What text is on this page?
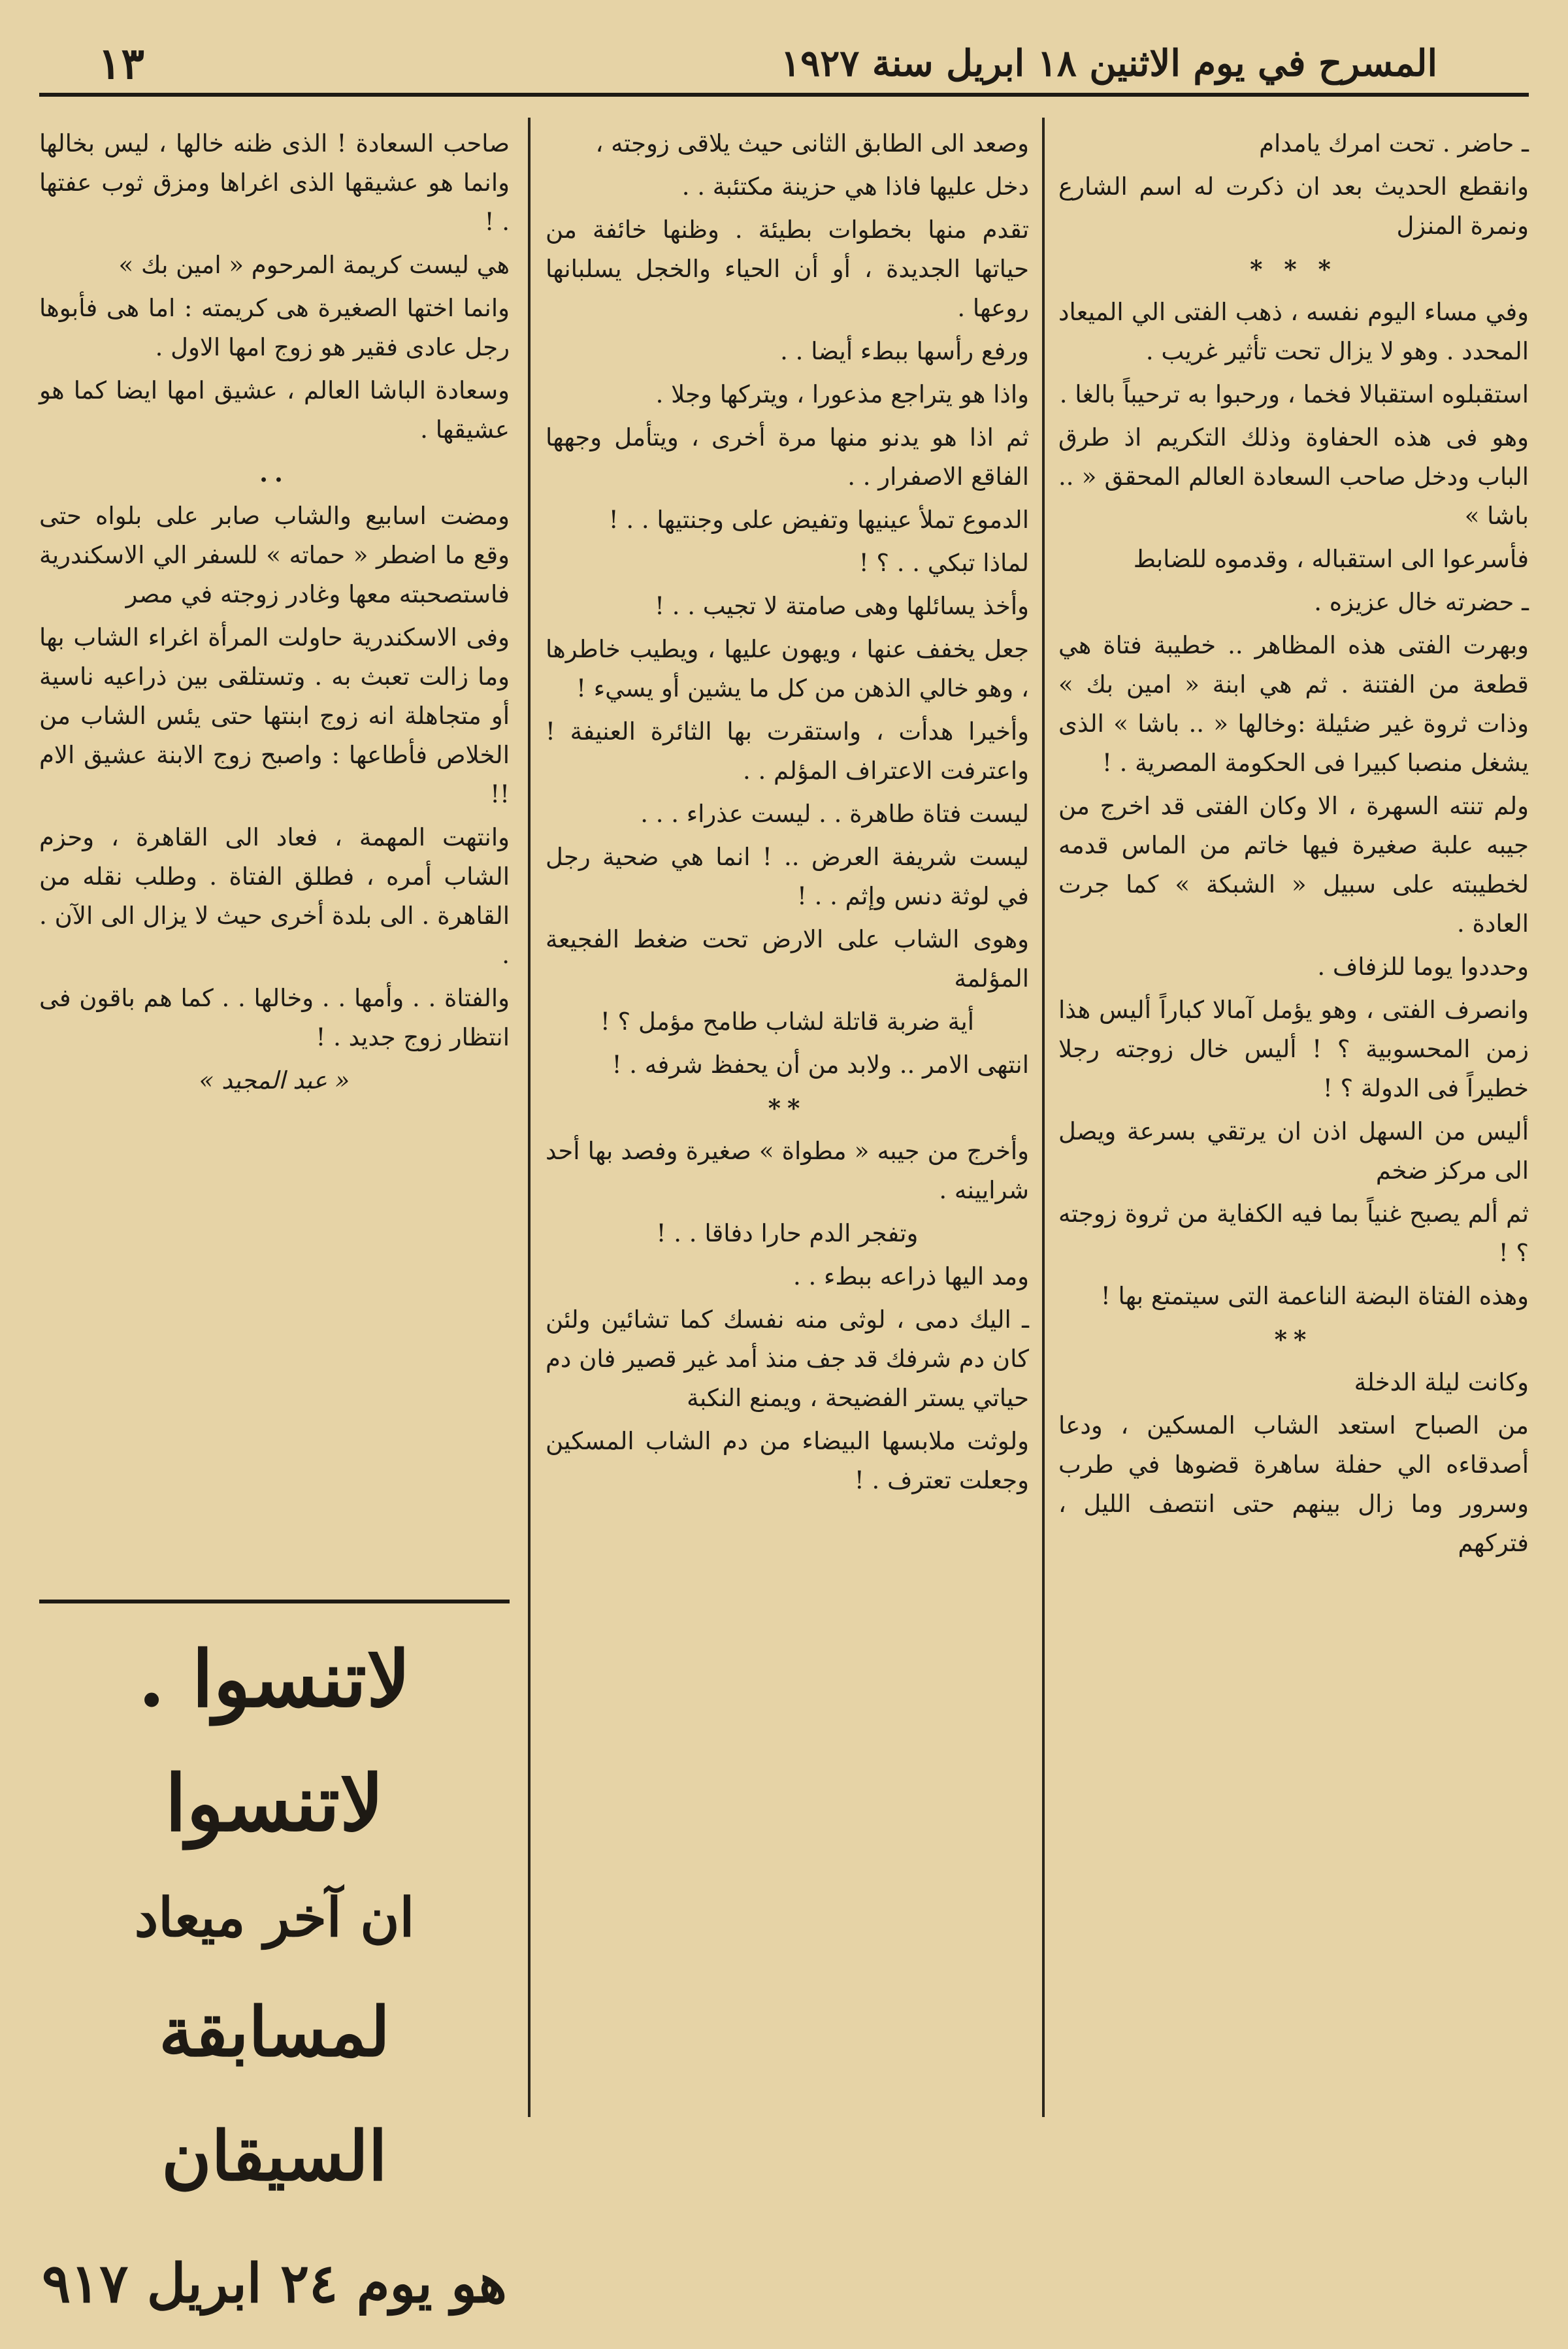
١٣	المسرح في يوم الاثنين ١٨ ابريل سنة ١٩٢٧

ـ حاضر . تحت امرك يامدام

وانقطع الحديث بعد ان ذكرت له اسم الشارع ونمرة المنزل

* * *

وفي مساء اليوم نفسه ، ذهب الفتى الي الميعاد المحدد . وهو لا يزال تحت تأثير غريب .

استقبلوه استقبالا فخما ، ورحبوا به ترحيباً بالغا .

وهو فى هذه الحفاوة وذلك التكريم اذ طرق الباب ودخل صاحب السعادة العالم المحقق « .. باشا »

فأسرعوا الى استقباله ، وقدموه للضابط

ـ حضرته خال عزيزه .

وبهرت الفتى هذه المظاهر .. خطيبة فتاة هي قطعة من الفتنة . ثم هي ابنة « امين بك » وذات ثروة غير ضئيلة :وخالها « .. باشا » الذى يشغل منصبا كبيرا فى الحكومة المصرية . !

ولم تنته السهرة ، الا وكان الفتى قد اخرج من جيبه علبة صغيرة فيها خاتم من الماس قدمه لخطيبته على سبيل « الشبكة » كما جرت العادة .

وحددوا يوما للزفاف .

وانصرف الفتى ، وهو يؤمل آمالا كباراً أليس هذا زمن المحسوبية ؟ ! أليس خال زوجته رجلا خطيراً فى الدولة ؟ !

أليس من السهل اذن ان يرتقي بسرعة ويصل الى مركز ضخم

ثم ألم يصبح غنياً بما فيه الكفاية من ثروة زوجته ؟ !

وهذه الفتاة البضة الناعمة التى سيتمتع بها !

**

وكانت ليلة الدخلة

من الصباح استعد الشاب المسكين ، ودعا أصدقاءه الي حفلة ساهرة قضوها في طرب وسرور وما زال بينهم حتى انتصف الليل ، فتركهم

وصعد الى الطابق الثانى حيث يلاقى زوجته ،

دخل عليها فاذا هي حزينة مكتئبة . .

تقدم منها بخطوات بطيئة . وظنها خائفة من حياتها الجديدة ، أو أن الحياء والخجل يسلبانها روعها .

ورفع رأسها ببطء أيضا . .

واذا هو يتراجع مذعورا ، ويتركها وجلا .

ثم اذا هو يدنو منها مرة أخرى ، ويتأمل وجهها الفاقع الاصفرار . .

الدموع تملأ عينيها وتفيض على وجنتيها . . !

لماذا تبكي . . ؟ !

وأخذ يسائلها وهى صامتة لا تجيب . . !

جعل يخفف عنها ، ويهون عليها ، ويطيب خاطرها ، وهو خالي الذهن من كل ما يشين أو يسيء !

وأخيرا هدأت ، واستقرت بها الثائرة العنيفة ! واعترفت الاعتراف المؤلم . .

ليست فتاة طاهرة . . ليست عذراء . . .

ليست شريفة العرض .. ! انما هي ضحية رجل في لوثة دنس وإثم . . !

وهوى الشاب على الارض تحت ضغط الفجيعة المؤلمة

أية ضربة قاتلة لشاب طامح مؤمل ؟ !

انتهى الامر .. ولابد من أن يحفظ شرفه . !

**

وأخرج من جيبه « مطواة » صغيرة وفصد بها أحد شرايينه .

وتفجر الدم حارا دفاقا . . !

ومد اليها ذراعه ببطء . .

ـ اليك دمى ، لوثى منه نفسك كما تشائين ولئن كان دم شرفك قد جف منذ أمد غير قصير فان دم حياتي يستر الفضيحة ، ويمنع النكبة

ولوثت ملابسها البيضاء من دم الشاب المسكين وجعلت تعترف . !

صاحب السعادة ! الذى ظنه خالها ، ليس بخالها وانما هو عشيقها الذى اغراها ومزق ثوب عفتها . !

هي ليست كريمة المرحوم « امين بك »

وانما اختها الصغيرة هى كريمته : اما هى فأبوها رجل عادى فقير هو زوج امها الاول .

وسعادة الباشا العالم ، عشيق امها ايضا كما هو عشيقها .

..

ومضت اسابيع والشاب صابر على بلواه حتى وقع ما اضطر « حماته » للسفر الي الاسكندرية فاستصحبته معها وغادر زوجته في مصر

وفى الاسكندرية حاولت المرأة اغراء الشاب بها وما زالت تعبث به . وتستلقى بين ذراعيه ناسية أو متجاهلة انه زوج ابنتها حتى يئس الشاب من الخلاص فأطاعها : واصبح زوج الابنة عشيق الام !!

وانتهت المهمة ، فعاد الى القاهرة ، وحزم الشاب أمره ، فطلق الفتاة . وطلب نقله من القاهرة . الى بلدة أخرى حيث لا يزال الى الآن . .

والفتاة . . وأمها . . وخالها . . كما هم باقون فى انتظار زوج جديد . !

« عبد المجيد »

لاتنسوا . لاتنسوا
ان آخر ميعاد
لمسابقة السيقان
هو يوم ٢٤ ابريل ٩١٧
